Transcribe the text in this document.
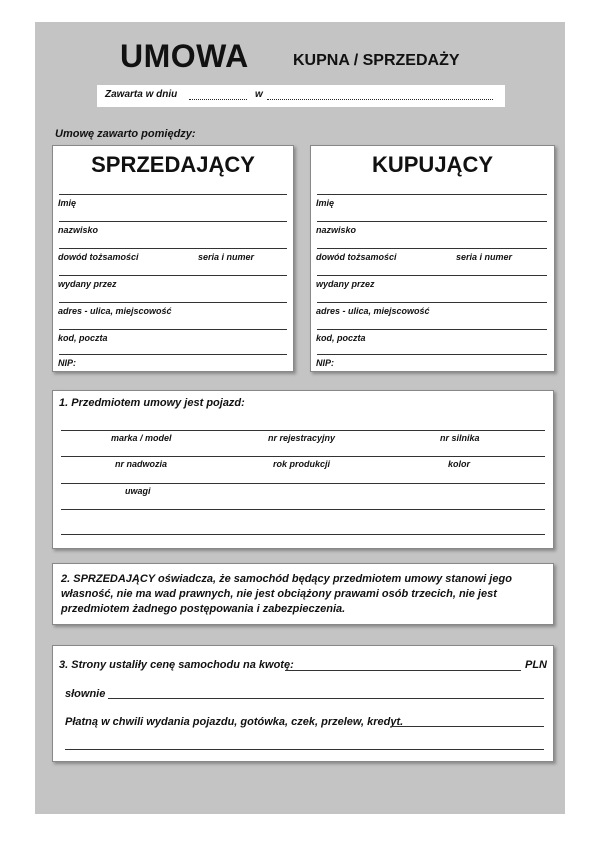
UMOWA	KUPNA / SPRZEDAŻY
Zawarta w dniu	w
Umowę zawarto pomiędzy:
SPRZEDAJĄCY
Imię
nazwisko
dowód tożsamości	seria i numer
wydany przez
adres - ulica, miejscowość
kod, poczta
NIP:
KUPUJĄCY
Imię
nazwisko
dowód tożsamości	seria i numer
wydany przez
adres - ulica, miejscowość
kod, poczta
NIP:
1. Przedmiotem umowy jest pojazd:
marka / model	nr rejestracyjny	nr silnika
nr nadwozia	rok produkcji	kolor
uwagi
2. SPRZEDAJĄCY oświadcza, że samochód będący przedmiotem umowy stanowi jego własność, nie ma wad prawnych, nie jest obciążony prawami osób trzecich, nie jest przedmiotem żadnego postępowania i zabezpieczenia.
3. Strony ustaliły cenę samochodu na kwotę:	PLN
słownie
Płatną w chwili wydania pojazdu, gotówka, czek, przelew, kredyt.
